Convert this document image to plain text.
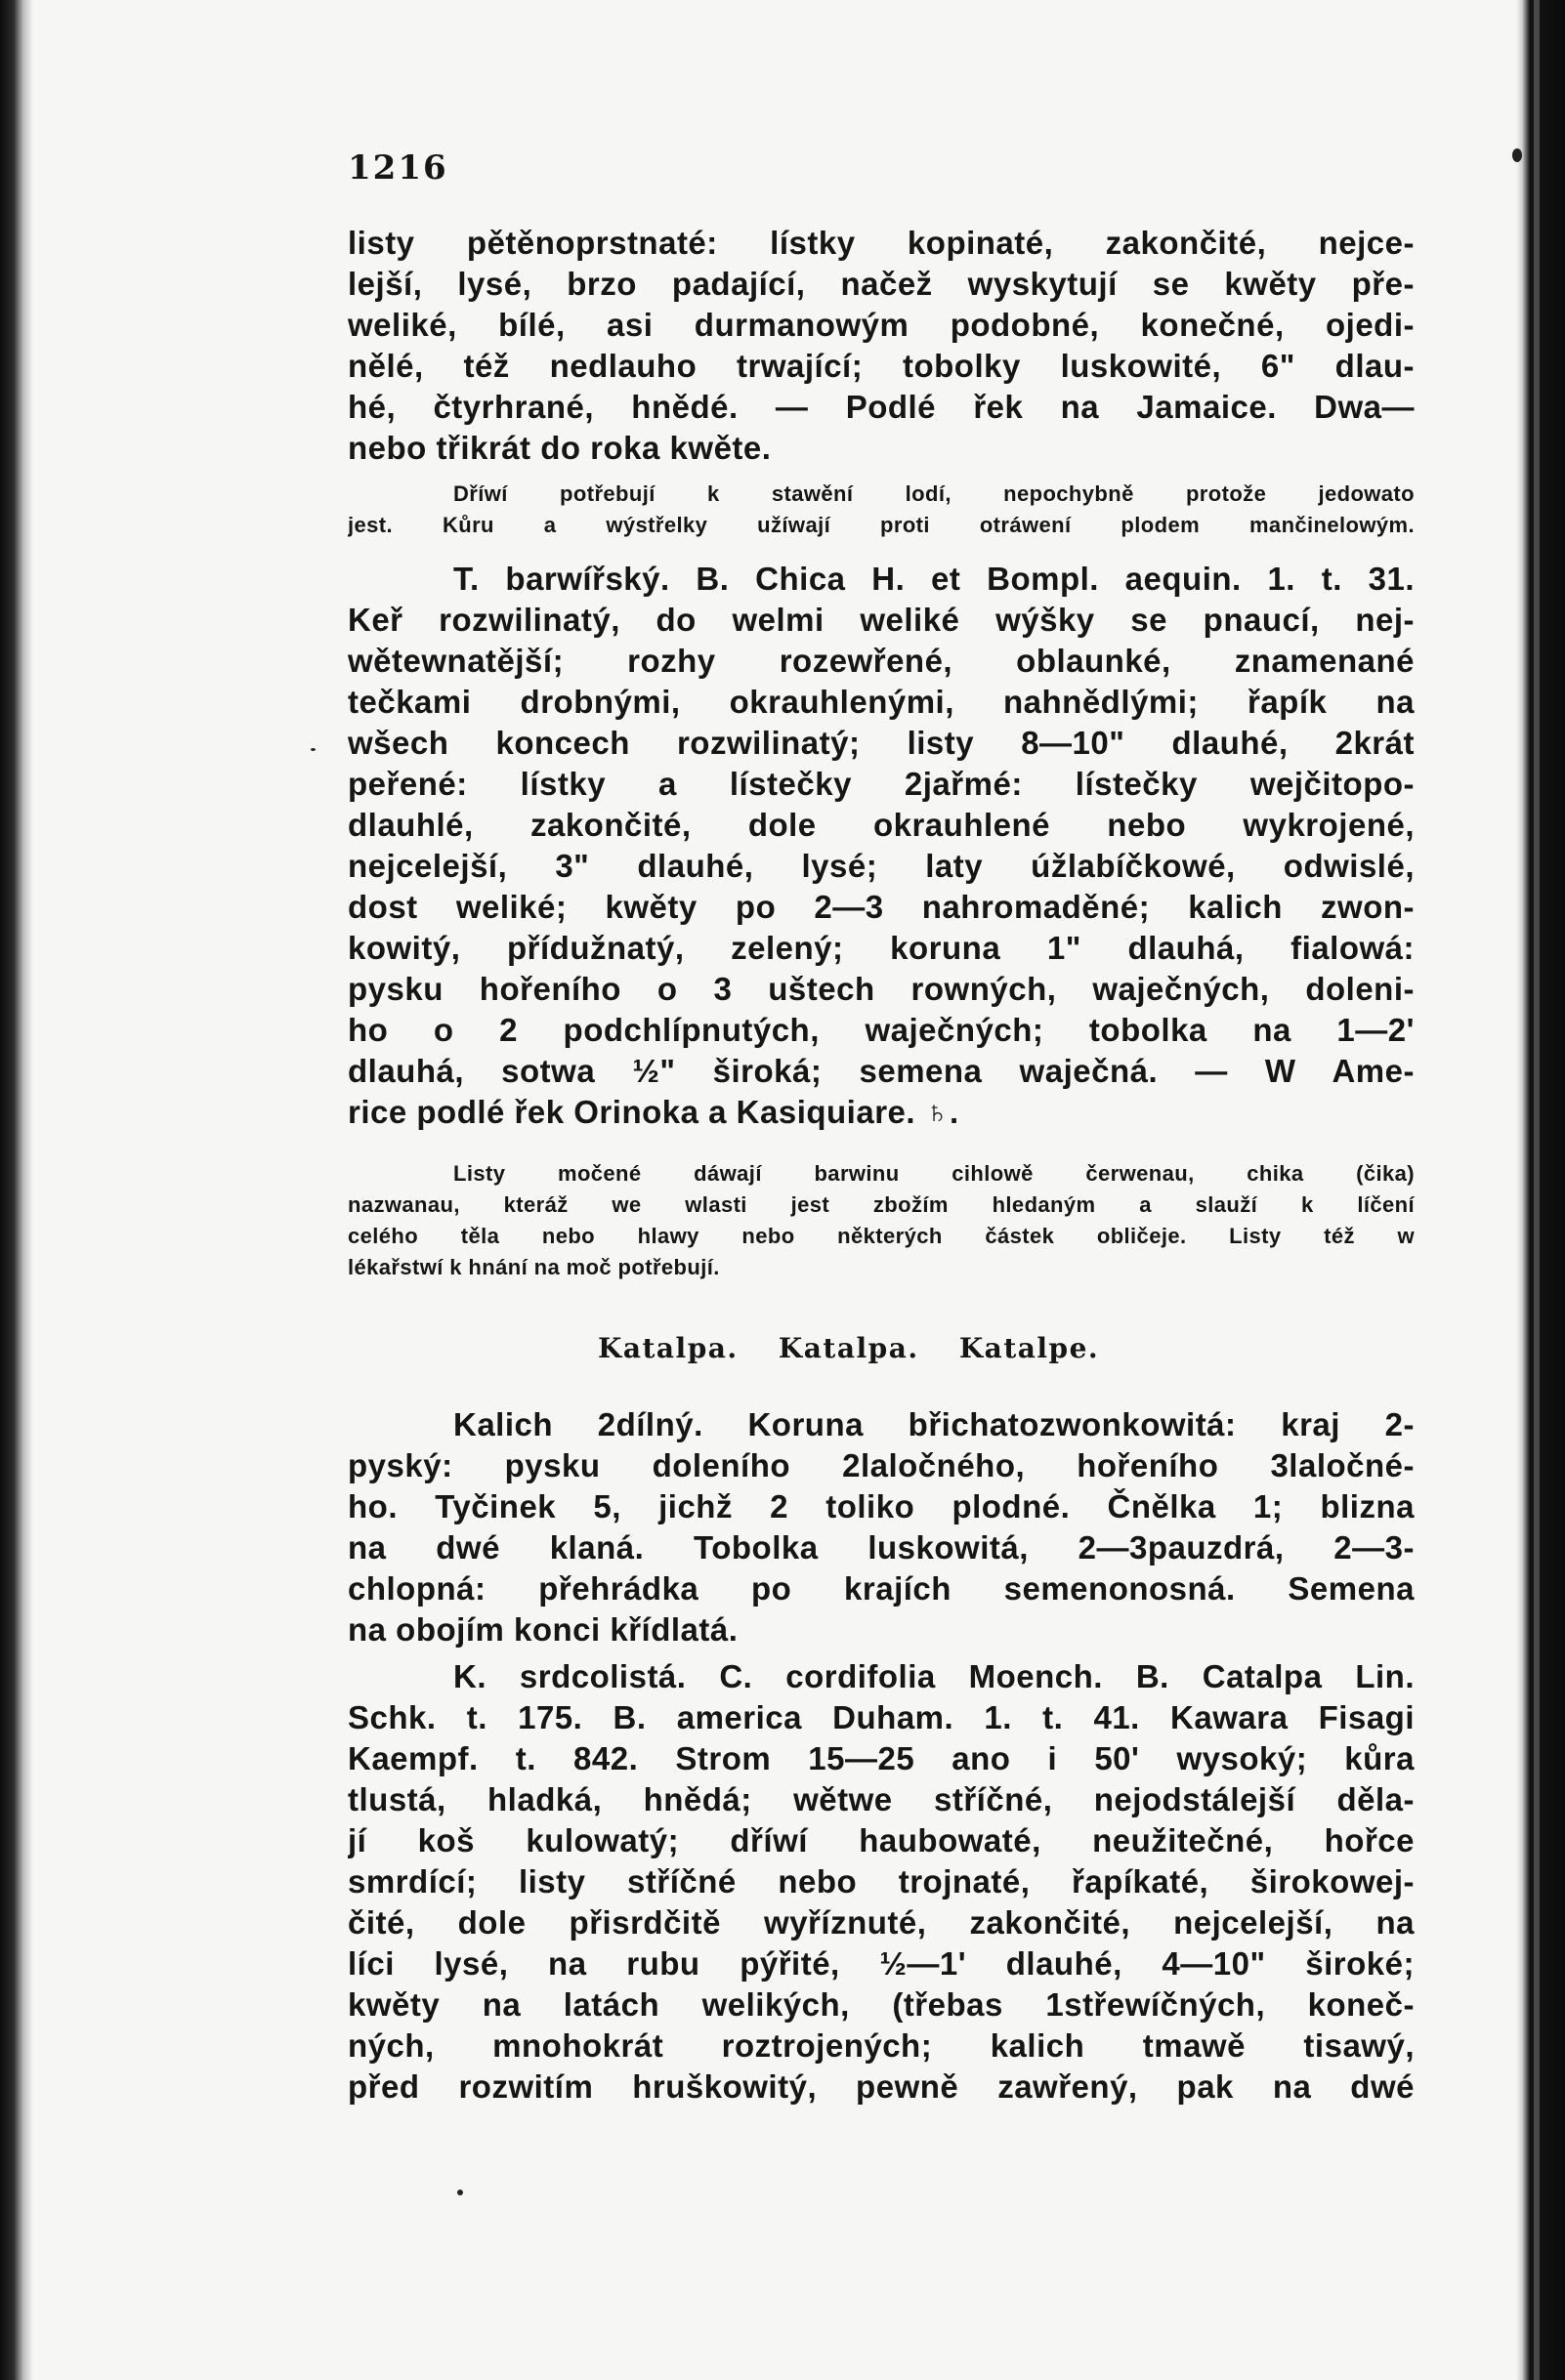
1216
listy pětěnoprstnaté: lístky kopinaté, zakončité, nejce-
lejší, lysé, brzo padající, načež wyskytují se kwěty pře-
weliké, bílé, asi durmanowým podobné, konečné, ojedi-
nělé, též nedlauho trwající; tobolky luskowité, 6" dlau-
hé, čtyrhrané, hnědé. — Podlé řek na Jamaice. Dwa—
nebo třikrát do roka kwěte.
Dříwí potřebují k stawění lodí, nepochybně protože jedowato
jest. Kůru a wýstřelky užíwají proti otráwení plodem mančinelowým.
T. barwířský. B. Chica H. et Bompl. aequin. 1. t. 31.
Keř rozwilinatý, do welmi weliké wýšky se pnaucí, nej-
wětewnatější; rozhy rozewřené, oblaunké, znamenané
tečkami drobnými, okrauhlenými, nahnědlými; řapík na
wšech koncech rozwilinatý; listy 8—10" dlauhé, 2krát
peřené: lístky a lístečky 2jařmé: lístečky wejčitopo-
dlauhlé, zakončité, dole okrauhlené nebo wykrojené,
nejcelejší, 3" dlauhé, lysé; laty úžlabíčkowé, odwislé,
dost weliké; kwěty po 2—3 nahromaděné; kalich zwon-
kowitý, přídužnatý, zelený; koruna 1" dlauhá, fialowá:
pysku hořeního o 3 uštech rowných, waječných, doleni-
ho o 2 podchlípnutých, waječných; tobolka na 1—2'
dlauhá, sotwa ½" široká; semena waječná. — W Ame-
rice podlé řek Orinoka a Kasiquiare. ♄.
Listy močené dáwají barwinu cihlowě čerwenau, chika (čika)
nazwanau, kteráž we wlasti jest zbožím hledaným a slauží k líčení
celého těla nebo hlawy nebo některých částek obličeje. Listy též w
lékařstwí k hnání na moč potřebují.
Katalpa. Katalpa. Katalpe.
Kalich 2dílný. Koruna břichatozwonkowitá: kraj 2-
pyský: pysku doleního 2laločného, hořeního 3laločné-
ho. Tyčinek 5, jichž 2 toliko plodné. Čnělka 1; blizna
na dwé klaná. Tobolka luskowitá, 2—3pauzdrá, 2—3-
chlopná: přehrádka po krajích semenonosná. Semena
na obojím konci křídlatá.
K. srdcolistá. C. cordifolia Moench. B. Catalpa Lin.
Schk. t. 175. B. america Duham. 1. t. 41. Kawara Fisagi
Kaempf. t. 842. Strom 15—25 ano i 50' wysoký; kůra
tlustá, hladká, hnědá; wětwe stříčné, nejodstálejší děla-
jí koš kulowatý; dříwí haubowaté, neužitečné, hořce
smrdící; listy stříčné nebo trojnaté, řapíkaté, širokowej-
čité, dole přisrdčitě wyříznuté, zakončité, nejcelejší, na
líci lysé, na rubu pýřité, ½—1' dlauhé, 4—10" široké;
kwěty na latách welikých, (třebas 1střewíčných, koneč-
ných, mnohokrát roztrojených; kalich tmawě tisawý,
před rozwitím hruškowitý, pewně zawřený, pak na dwé
